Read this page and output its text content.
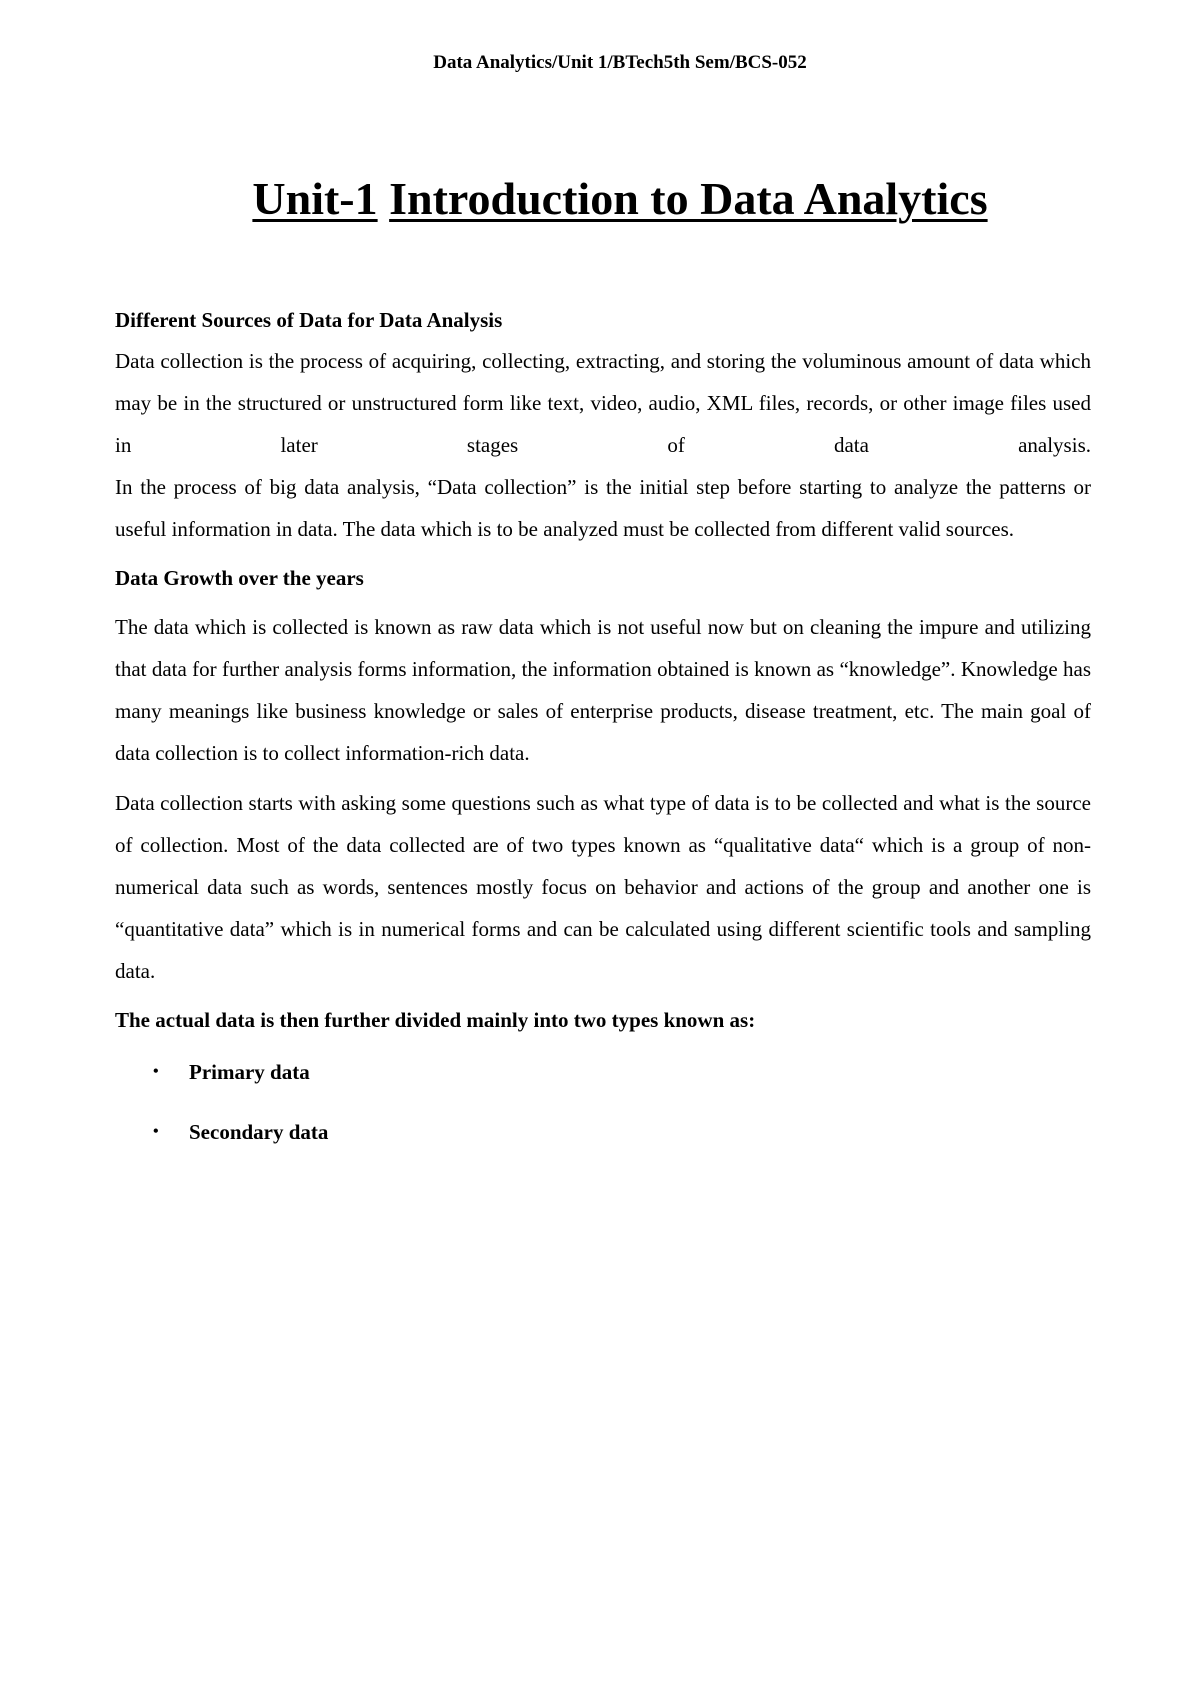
Data Analytics/Unit 1/BTech5th Sem/BCS-052
Unit-1 Introduction to Data Analytics

Different Sources of Data for Data Analysis

Data collection is the process of acquiring, collecting, extracting, and storing the voluminous amount of data which may be in the structured or unstructured form like text, video, audio, XML files, records, or other image files used in later stages of data analysis.

In the process of big data analysis, “Data collection” is the initial step before starting to analyze the patterns or useful information in data. The data which is to be analyzed must be collected from different valid sources.

Data Growth over the years

The data which is collected is known as raw data which is not useful now but on cleaning the impure and utilizing that data for further analysis forms information, the information obtained is known as “knowledge”. Knowledge has many meanings like business knowledge or sales of enterprise products, disease treatment, etc. The main goal of data collection is to collect information-rich data.

Data collection starts with asking some questions such as what type of data is to be collected and what is the source of collection. Most of the data collected are of two types known as “qualitative data“ which is a group of non-numerical data such as words, sentences mostly focus on behavior and actions of the group and another one is “quantitative data” which is in numerical forms and can be calculated using different scientific tools and sampling data.

The actual data is then further divided mainly into two types known as:

• Primary data
• Secondary data
